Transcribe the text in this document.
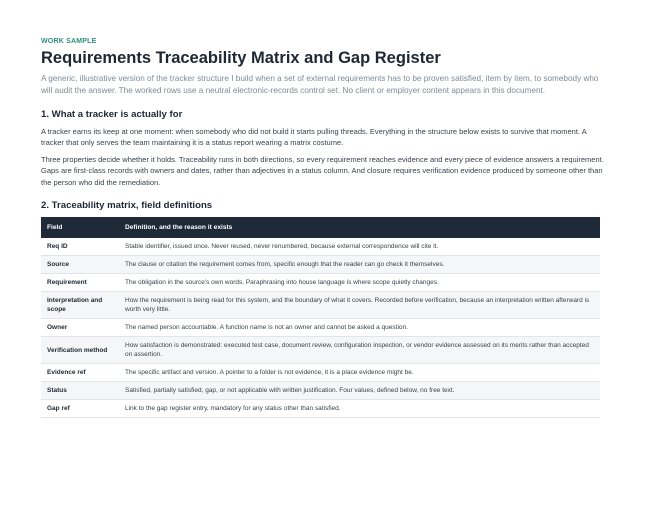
WORK SAMPLE

Requirements Traceability Matrix and Gap Register

A generic, illustrative version of the tracker structure I build when a set of external requirements has to be proven satisfied, item by item, to somebody who will audit the answer. The worked rows use a neutral electronic-records control set. No client or employer content appears in this document.

1. What a tracker is actually for

A tracker earns its keep at one moment: when somebody who did not build it starts pulling threads. Everything in the structure below exists to survive that moment. A tracker that only serves the team maintaining it is a status report wearing a matrix costume.

Three properties decide whether it holds. Traceability runs in both directions, so every requirement reaches evidence and every piece of evidence answers a requirement. Gaps are first-class records with owners and dates, rather than adjectives in a status column. And closure requires verification evidence produced by someone other than the person who did the remediation.

2. Traceability matrix, field definitions
Field	Definition, and the reason it exists
Req ID	Stable identifier, issued once. Never reused, never renumbered, because external correspondence will cite it.
Source	The clause or citation the requirement comes from, specific enough that the reader can go check it themselves.
Requirement	The obligation in the source's own words. Paraphrasing into house language is where scope quietly changes.
Interpretation and scope	How the requirement is being read for this system, and the boundary of what it covers. Recorded before verification, because an interpretation written afterward is worth very little.
Owner	The named person accountable. A function name is not an owner and cannot be asked a question.
Verification method	How satisfaction is demonstrated: executed test case, document review, configuration inspection, or vendor evidence assessed on its merits rather than accepted on assertion.
Evidence ref	The specific artifact and version. A pointer to a folder is not evidence, it is a place evidence might be.
Status	Satisfied, partially satisfied, gap, or not applicable with written justification. Four values, defined below, no free text.
Gap ref	Link to the gap register entry, mandatory for any status other than satisfied.
